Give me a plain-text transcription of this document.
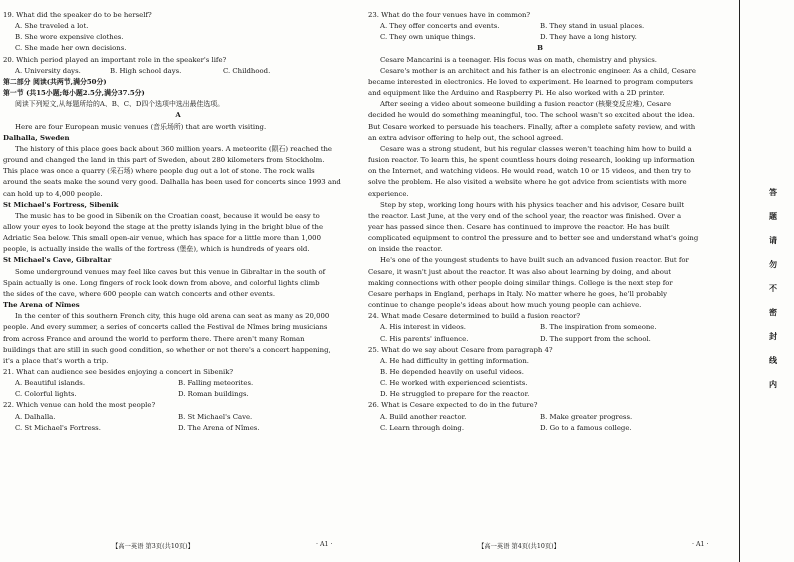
19. What did the speaker do to be herself?

A. She traveled a lot.

B. She wore expensive clothes.

C. She made her own decisions.

20. Which period played an important role in the speaker's life?

A. University days.	B. High school days.	C. Childhood.

第二部分 阅读(共两节,满分50分)

第一节 (共15小题;每小题2.5分,满分37.5分)

阅读下列短文,从每题所给的A、B、C、D四个选项中选出最佳选项。

A

Here are four European music venues (音乐场所) that are worth visiting.

Dalhalla, Sweden

The history of this place goes back about 360 million years. A meteorite (陨石) reached the

ground and changed the land in this part of Sweden, about 280 kilometers from Stockholm.

This place was once a quarry (采石场) where people dug out a lot of stone. The rock walls

around the seats make the sound very good. Dalhalla has been used for concerts since 1993 and

can hold up to 4,000 people.

St Michael's Fortress, Sibenik

The music has to be good in Sibenik on the Croatian coast, because it would be easy to

allow your eyes to look beyond the stage at the pretty islands lying in the bright blue of the

Adriatic Sea below. This small open-air venue, which has space for a little more than 1,000

people, is actually inside the walls of the fortress (堡垒), which is hundreds of years old.

St Michael's Cave, Gibraltar

Some underground venues may feel like caves but this venue in Gibraltar in the south of

Spain actually is one. Long fingers of rock look down from above, and colorful lights climb

the sides of the cave, where 600 people can watch concerts and other events.

The Arena of Nîmes

In the center of this southern French city, this huge old arena can seat as many as 20,000

people. And every summer, a series of concerts called the Festival de Nîmes bring musicians

from across France and around the world to perform there. There aren't many Roman

buildings that are still in such good condition, so whether or not there's a concert happening,

it's a place that's worth a trip.

21. What can audience see besides enjoying a concert in Sibenik?

A. Beautiful islands.	B. Falling meteorites.

C. Colorful lights.	D. Roman buildings.

22. Which venue can hold the most people?

A. Dalhalla.	B. St Michael's Cave.

C. St Michael's Fortress.	D. The Arena of Nîmes.

【高一英语 第3页(共10页)】	· A1 ·

23. What do the four venues have in common?

A. They offer concerts and events.	B. They stand in usual places.

C. They own unique things.	D. They have a long history.

B

Cesare Mancarini is a teenager. His focus was on math, chemistry and physics.

Cesare's mother is an architect and his father is an electronic engineer. As a child, Cesare

became interested in electronics. He loved to experiment. He learned to program computers

and equipment like the Arduino and Raspberry Pi. He also worked with a 2D printer.

After seeing a video about someone building a fusion reactor (核聚变反应堆), Cesare

decided he would do something meaningful, too. The school wasn't so excited about the idea.

But Cesare worked to persuade his teachers. Finally, after a complete safety review, and with

an extra advisor offering to help out, the school agreed.

Cesare was a strong student, but his regular classes weren't teaching him how to build a

fusion reactor. To learn this, he spent countless hours doing research, looking up information

on the Internet, and watching videos. He would read, watch 10 or 15 videos, and then try to

solve the problem. He also visited a website where he got advice from scientists with more

experience.

Step by step, working long hours with his physics teacher and his advisor, Cesare built

the reactor. Last June, at the very end of the school year, the reactor was finished. Over a

year has passed since then. Cesare has continued to improve the reactor. He has built

complicated equipment to control the pressure and to better see and understand what's going

on inside the reactor.

He's one of the youngest students to have built such an advanced fusion reactor. But for

Cesare, it wasn't just about the reactor. It was also about learning by doing, and about

making connections with other people doing similar things. College is the next step for

Cesare perhaps in England, perhaps in Italy. No matter where he goes, he'll probably

continue to change people's ideas about how much young people can achieve.

24. What made Cesare determined to build a fusion reactor?

A. His interest in videos.	B. The inspiration from someone.

C. His parents' influence.	D. The support from the school.

25. What do we say about Cesare from paragraph 4?

A. He had difficulty in getting information.

B. He depended heavily on useful videos.

C. He worked with experienced scientists.

D. He struggled to prepare for the reactor.

26. What is Cesare expected to do in the future?

A. Build another reactor.	B. Make greater progress.

C. Learn through doing.	D. Go to a famous college.

【高一英语 第4页(共10页)】	· A1 ·
答
题
请
勿
不
密
封
线
内
